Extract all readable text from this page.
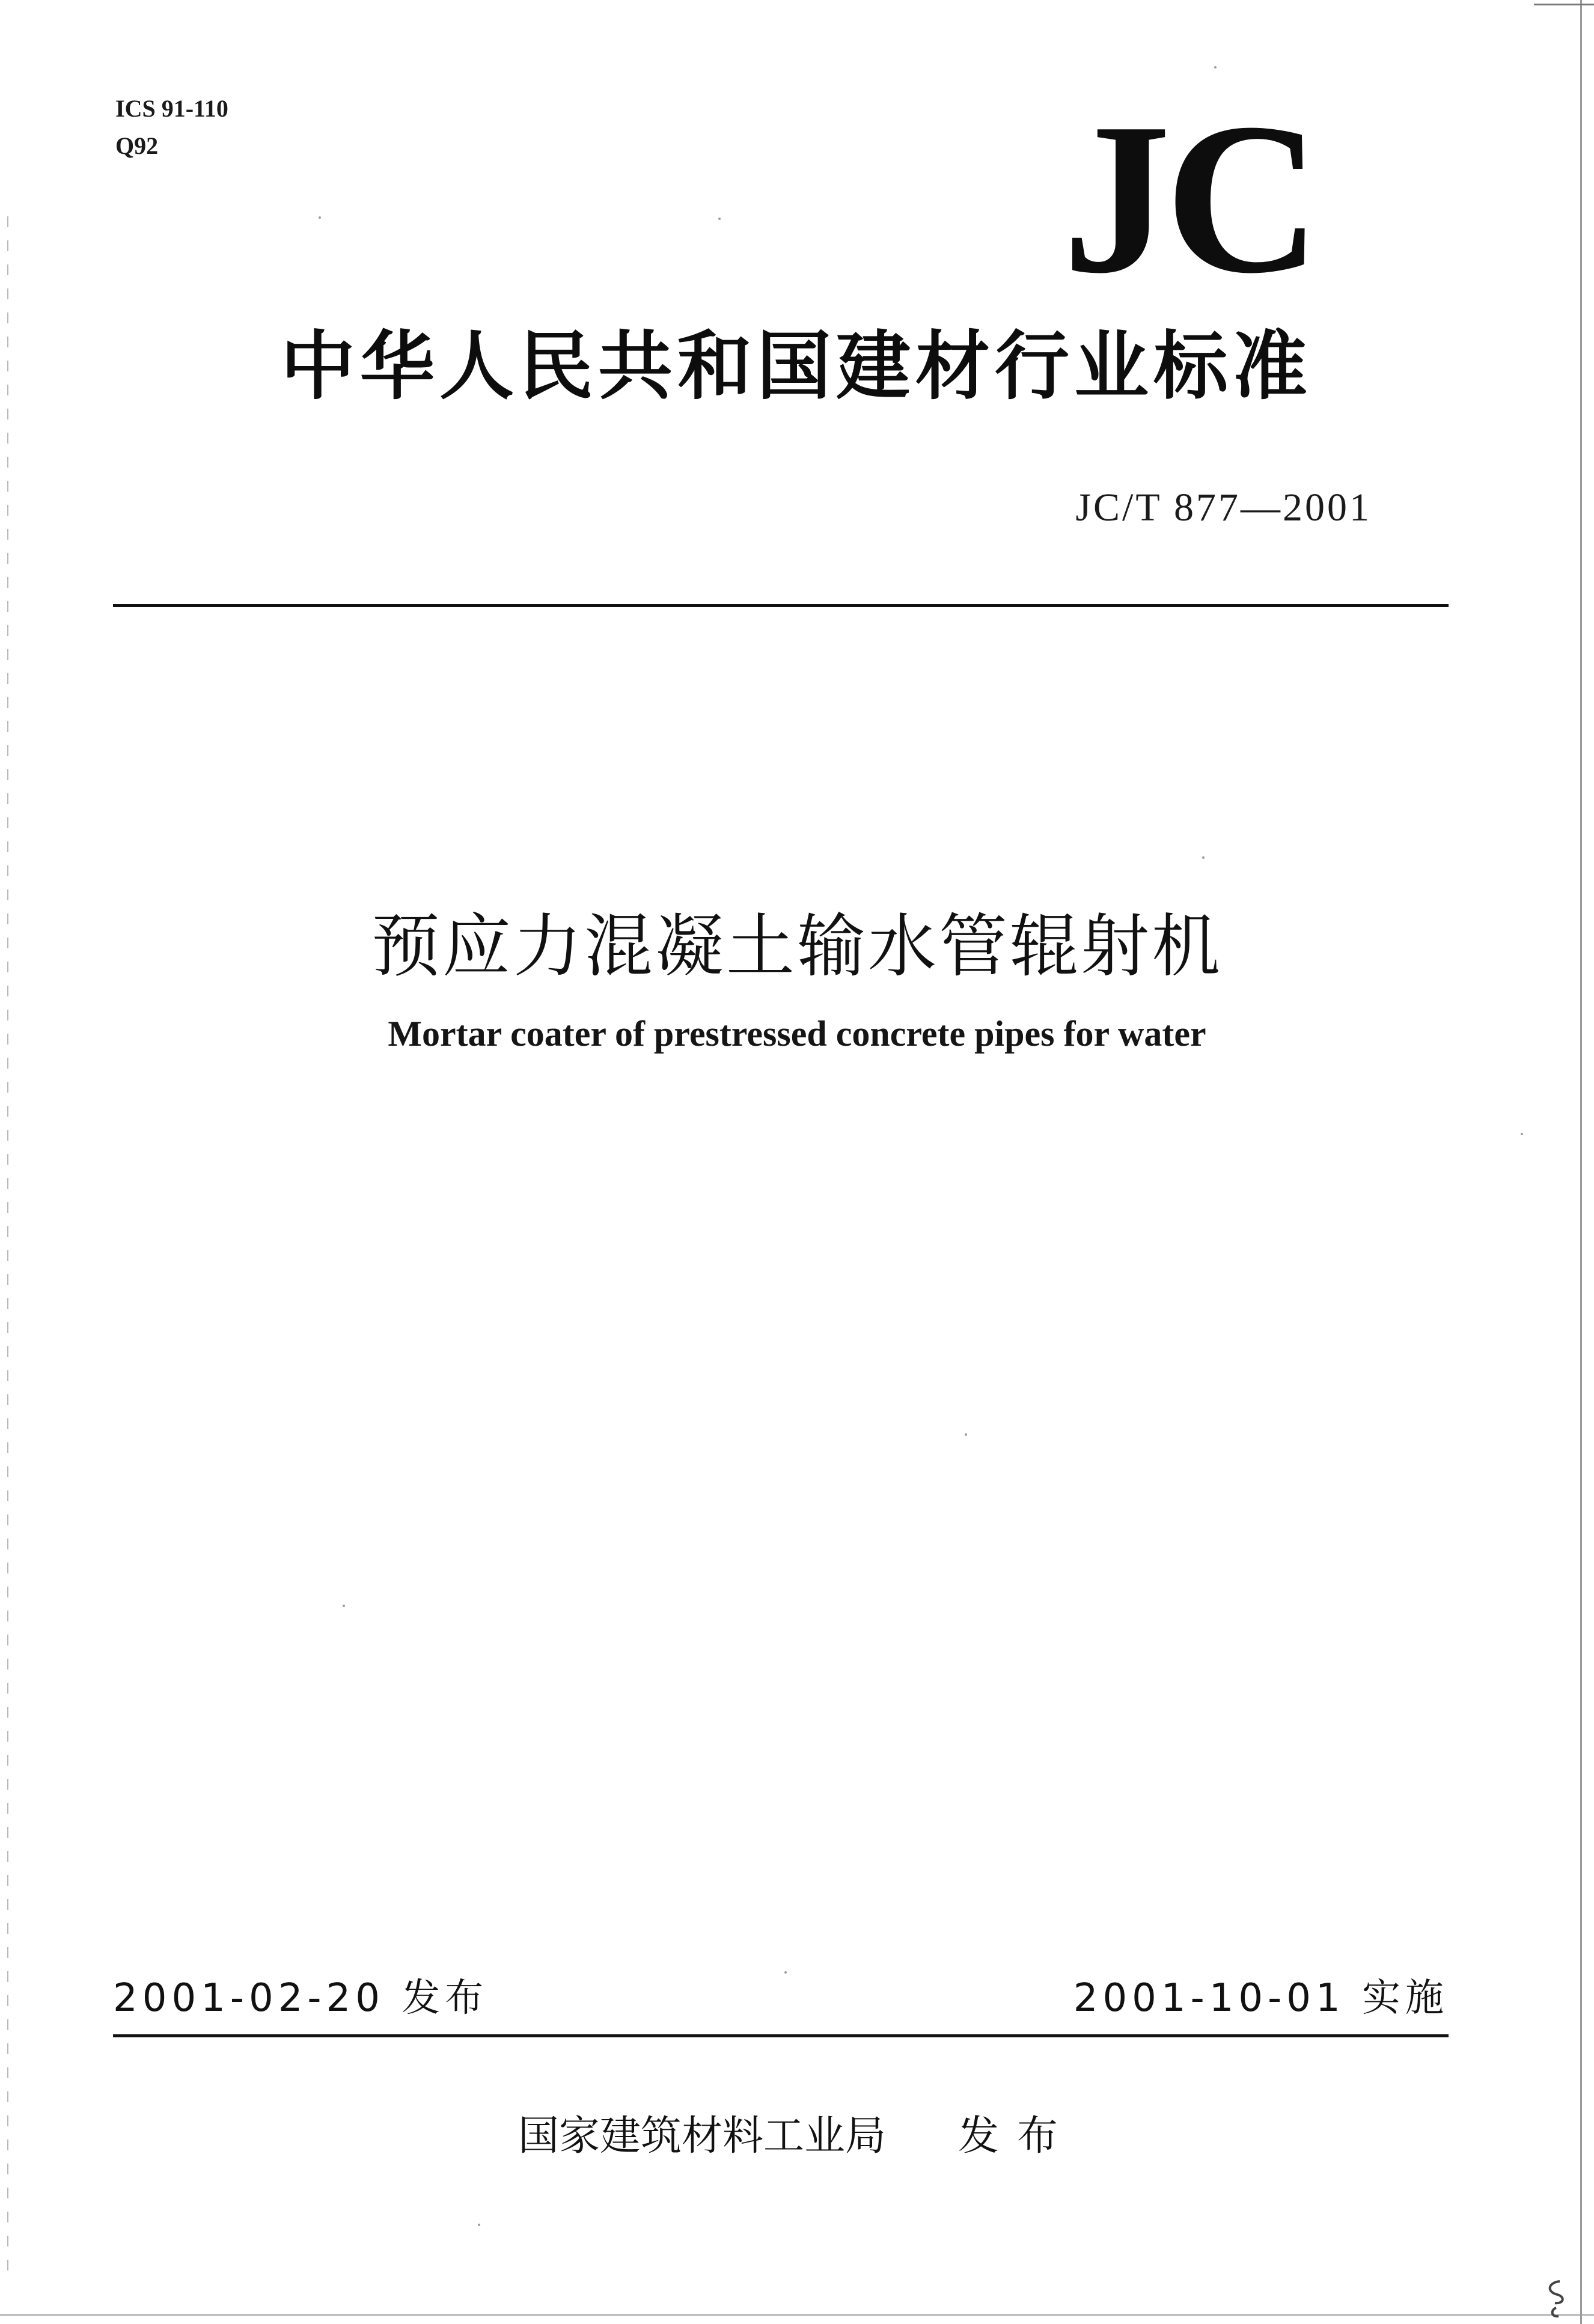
ICS 91-110
Q92	JC
中华人民共和国建材行业标准
JC/T 877—2001
预应力混凝土输水管辊射机
Mortar coater of prestressed concrete pipes for water
2001-02-20 发布	2001-10-01 实施
国家建筑材料工业局 发布
